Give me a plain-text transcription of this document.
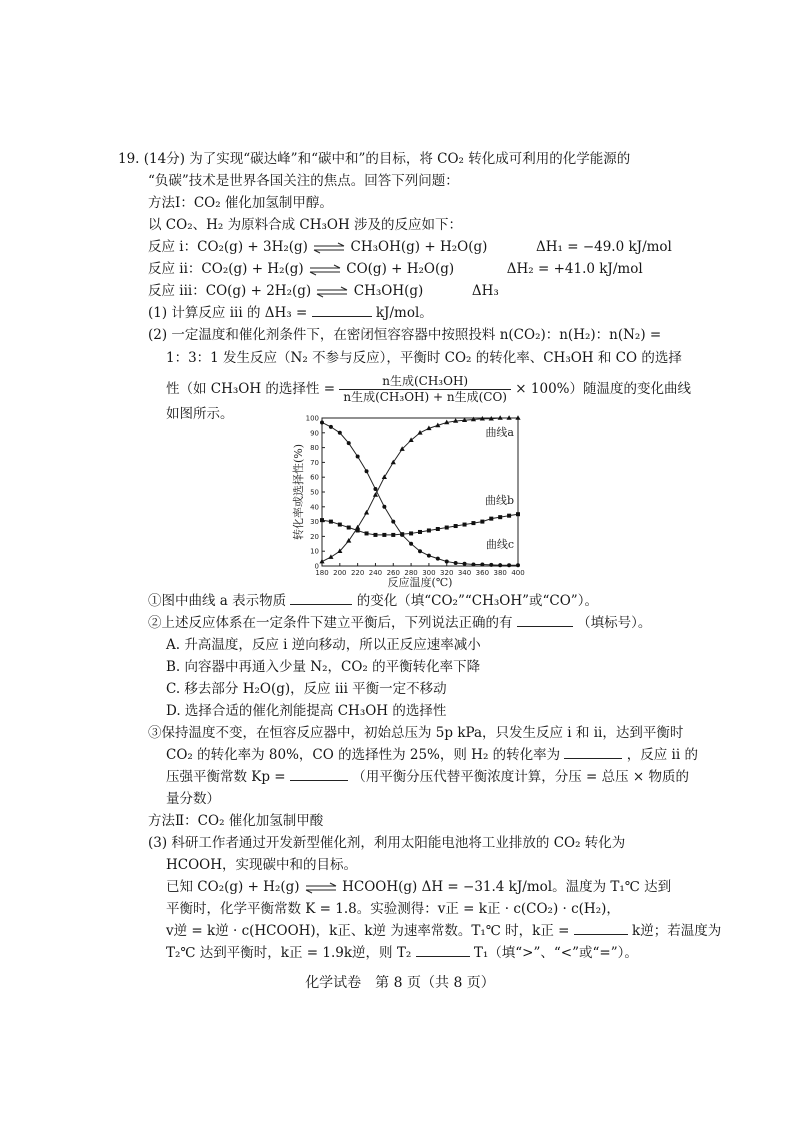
19. (14分) 为了实现“碳达峰”和“碳中和”的目标，将 CO₂ 转化成可利用的化学能源的
“负碳”技术是世界各国关注的焦点。回答下列问题：
方法Ⅰ：CO₂ 催化加氢制甲醇。
以 CO₂、H₂ 为原料合成 CH₃OH 涉及的反应如下：
反应 i：CO₂(g) + 3H₂(g) ⇌ CH₃OH(g) + H₂O(g)	ΔH₁ = −49.0 kJ/mol
反应 ii：CO₂(g) + H₂(g) ⇌ CO(g) + H₂O(g)	ΔH₂ = +41.0 kJ/mol
反应 iii：CO(g) + 2H₂(g) ⇌ CH₃OH(g)	ΔH₃
(1) 计算反应 iii 的 ΔH₃ =	kJ/mol。
(2) 一定温度和催化剂条件下，在密闭恒容容器中按照投料 n(CO₂)：n(H₂)：n(N₂) =
1：3：1 发生反应（N₂ 不参与反应），平衡时 CO₂ 的转化率、CH₃OH 和 CO 的选择
性（如 CH₃OH 的选择性 = $\frac{\text{n生成(CH₃OH)}}{\text{n生成(CH₃OH) + n生成(CO)}} \times 100\%$）随温度的变化曲线
如图所示。
180 200 220 240 260 280 300 320 340 360 380 400
0
10
20
30
40
50
60
70
80
90
100
反应温度(℃)
转化率或选择性(%)
曲线a
曲线b
曲线c
①图中曲线 a 表示物质	的变化（填“CO₂”“CH₃OH”或“CO”）。
②上述反应体系在一定条件下建立平衡后，下列说法正确的有	（填标号）。
A. 升高温度，反应 i 逆向移动，所以正反应速率减小
B. 向容器中再通入少量 N₂，CO₂ 的平衡转化率下降
C. 移去部分 H₂O(g)，反应 iii 平衡一定不移动
D. 选择合适的催化剂能提高 CH₃OH 的选择性
③保持温度不变，在恒容反应器中，初始总压为 5p kPa，只发生反应 i 和 ii，达到平衡时
CO₂ 的转化率为 80%，CO 的选择性为 25%，则 H₂ 的转化率为	，反应 ii 的
压强平衡常数 Kp =	（用平衡分压代替平衡浓度计算，分压 = 总压 × 物质的
量分数）
方法Ⅱ：CO₂ 催化加氢制甲酸
(3) 科研工作者通过开发新型催化剂，利用太阳能电池将工业排放的 CO₂ 转化为
HCOOH，实现碳中和的目标。
已知 CO₂(g) + H₂(g) ⇌ HCOOH(g) ΔH = −31.4 kJ/mol。温度为 T₁℃ 达到
平衡时，化学平衡常数 K = 1.8。实验测得：v正 = k正 · c(CO₂) · c(H₂)，
v逆 = k逆 · c(HCOOH)，k正、k逆 为速率常数。T₁℃ 时，k正 =	k逆；若温度为
T₂℃ 达到平衡时，k正 = 1.9k逆，则 T₂	T₁（填“>”、“<”或“=”）。
化学试卷　第 8 页（共 8 页）
